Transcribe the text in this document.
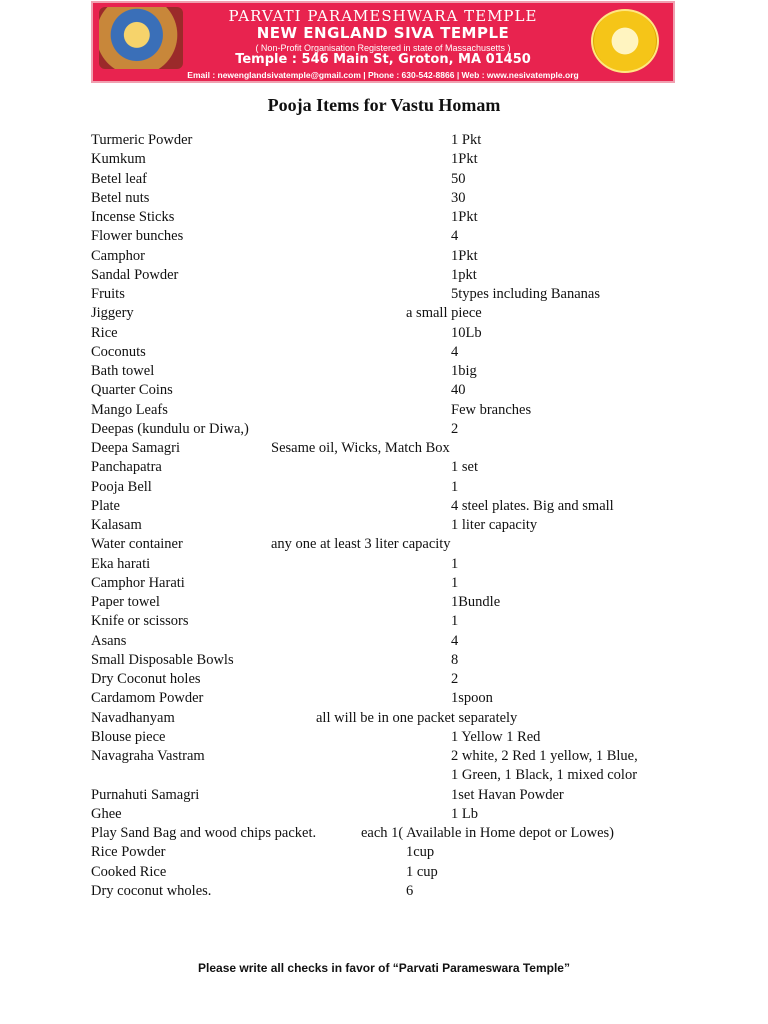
PARVATI PARAMESHWARA TEMPLE
NEW ENGLAND SIVA TEMPLE
( Non-Profit Organisation Registered in state of Massachusetts )
Temple : 546 Main St, Groton, MA 01450
Email : newenglandsivatemple@gmail.com | Phone : 630-542-8866 | Web : www.nesivatemple.org
Pooja Items for Vastu Homam
Turmeric Powder	1 Pkt
Kumkum	1Pkt
Betel leaf	50
Betel nuts	30
Incense Sticks	1Pkt
Flower bunches	4
Camphor	1Pkt
Sandal Powder	1pkt
Fruits	5types including Bananas
Jiggery	a small piece
Rice	10Lb
Coconuts	4
Bath towel	1big
Quarter Coins	40
Mango Leafs	Few branches
Deepas (kundulu or Diwa,)	2
Deepa Samagri	Sesame oil, Wicks, Match Box
Panchapatra	1 set
Pooja Bell	1
Plate	4 steel plates. Big and small
Kalasam	1 liter capacity
Water container	any one at least 3 liter capacity
Eka harati	1
Camphor Harati	1
Paper towel	1Bundle
Knife or scissors	1
Asans	4
Small Disposable Bowls	8
Dry Coconut holes	2
Cardamom Powder	1spoon
Navadhanyam	all will be in one packet separately
Blouse piece	1 Yellow 1 Red
Navagraha Vastram	2 white, 2 Red 1 yellow, 1 Blue,
1 Green, 1 Black, 1 mixed color
Purnahuti Samagri	1set Havan Powder
Ghee	1 Lb
Play Sand Bag and wood chips packet.	each 1( Available in Home depot or Lowes)
Rice Powder	1cup
Cooked Rice	1 cup
Dry coconut wholes.	6
Please write all checks in favor of “Parvati Parameswara Temple”
